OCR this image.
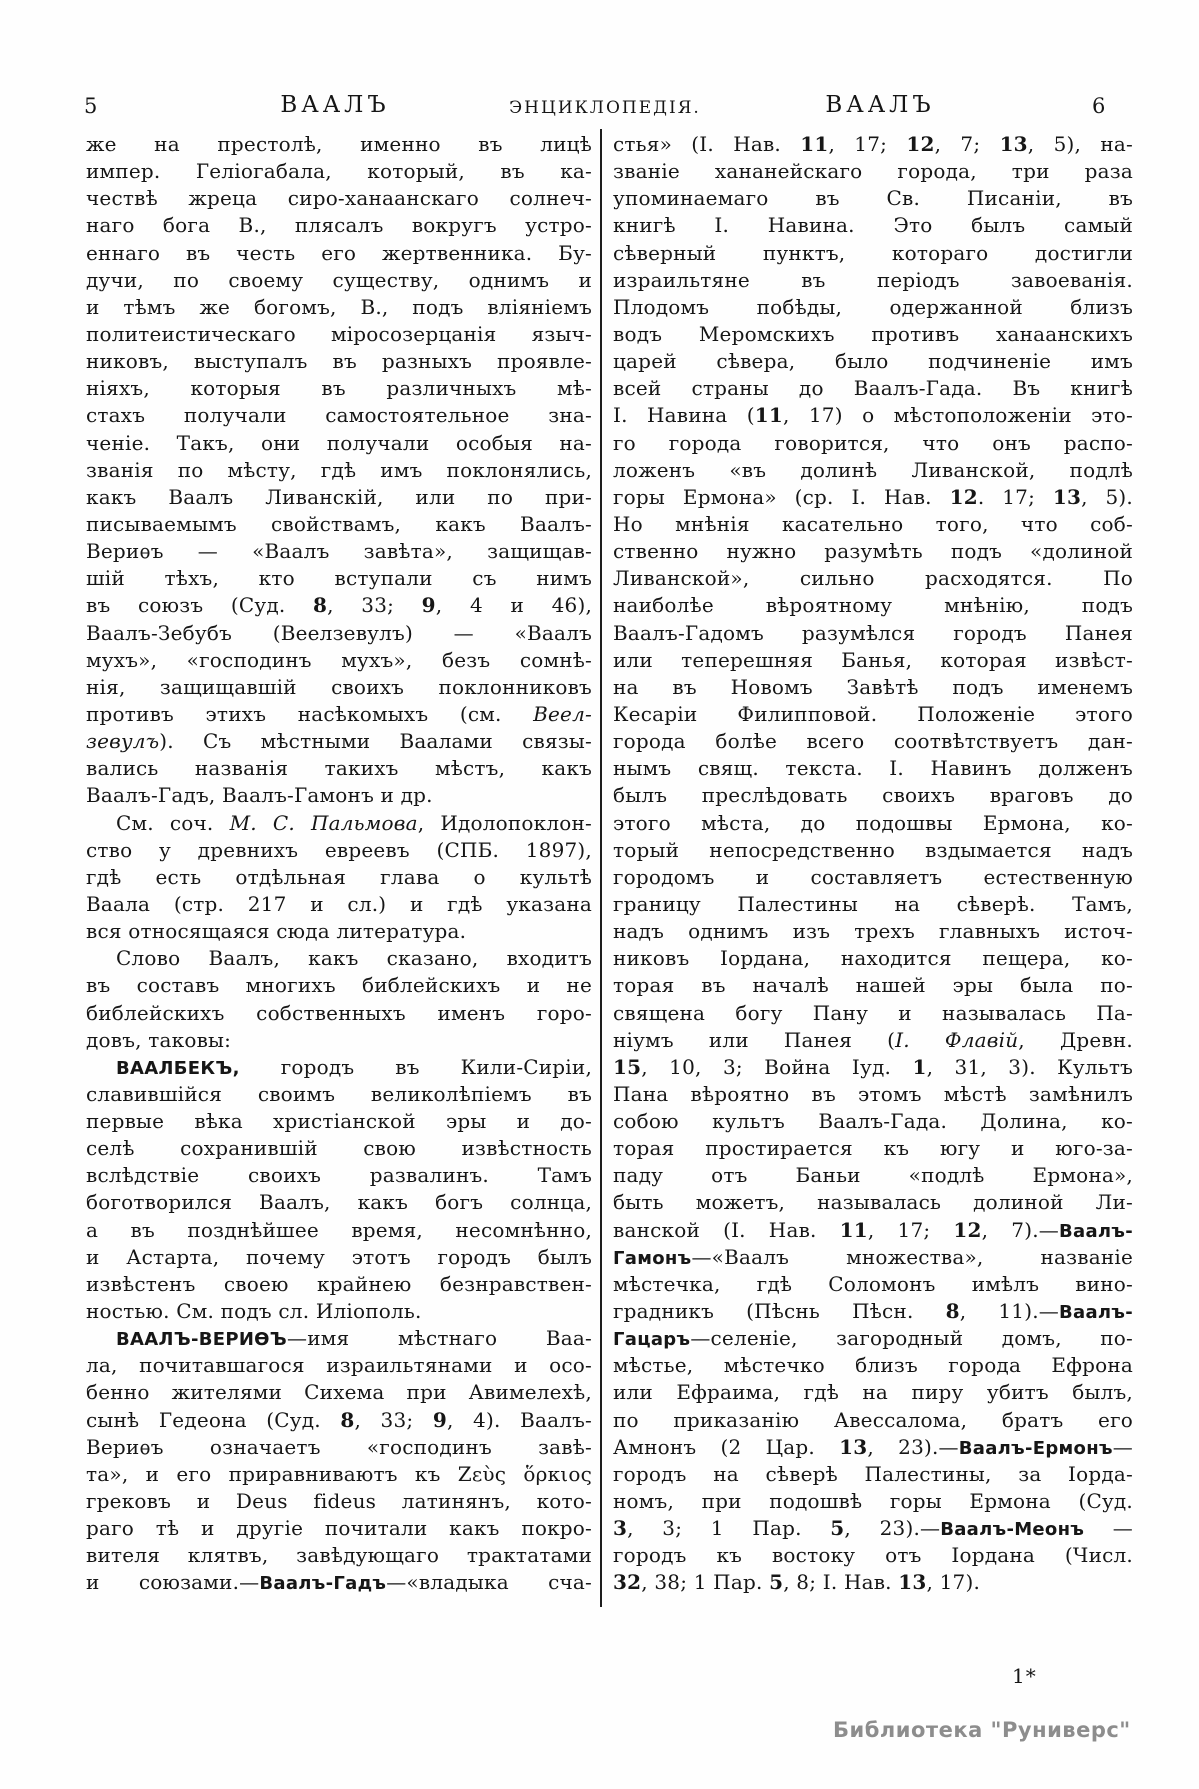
5	ВААЛЪ	ЭНЦИКЛОПЕДІЯ.	ВААЛЪ	6
же на престолѣ, именно въ лицѣ
импер. Геліогабала, который, въ ка-
чествѣ жреца сиро-ханаанскаго солнеч-
наго бога В., плясалъ вокругъ устро-
еннаго въ честь его жертвенника. Бу-
дучи, по своему существу, однимъ и
и тѣмъ же богомъ, В., подъ вліяніемъ
политеистическаго міросозерцанія языч-
никовъ, выступалъ въ разныхъ проявле-
ніяхъ, которыя въ различныхъ мѣ-
стахъ получали самостоятельное зна-
ченіе. Такъ, они получали особыя на-
званія по мѣсту, гдѣ имъ поклонялись,
какъ Ваалъ Ливанскій, или по при-
писываемымъ свойствамъ, какъ Ваалъ-
Вериѳъ — «Ваалъ завѣта», защищав-
шій тѣхъ, кто вступали съ нимъ
въ союзъ (Суд. 8, 33; 9, 4 и 46),
Ваалъ-Зебубъ (Веелзевулъ) — «Ваалъ
мухъ», «господинъ мухъ», безъ сомнѣ-
нія, защищавшій своихъ поклонниковъ
противъ этихъ насѣкомыхъ (см. Веел-
зевулъ). Съ мѣстными Ваалами связы-
вались названія такихъ мѣстъ, какъ
Ваалъ-Гадъ, Ваалъ-Гамонъ и др.
См. соч. М. С. Пальмова, Идолопоклон-
ство у древнихъ евреевъ (СПБ. 1897),
гдѣ есть отдѣльная глава о культѣ
Ваала (стр. 217 и сл.) и гдѣ указана
вся относящаяся сюда литература.
Слово Ваалъ, какъ сказано, входитъ
въ составъ многихъ библейскихъ и не
библейскихъ собственныхъ именъ горо-
довъ, таковы:
ВААЛБЕКЪ, городъ въ Кили-Сиріи,
славившійся своимъ великолѣпіемъ въ
первые вѣка христіанской эры и до-
селѣ сохранившій свою извѣстность
вслѣдствіе своихъ развалинъ. Тамъ
боготворился Ваалъ, какъ богъ солнца,
а въ позднѣйшее время, несомнѣнно,
и Астарта, почему этотъ городъ былъ
извѣстенъ своею крайнею безнравствен-
ностью. См. подъ сл. Иліополь.
ВААЛЪ-ВЕРИѲЪ—имя мѣстнаго Ваа-
ла, почитавшагося израильтянами и осо-
бенно жителями Сихема при Авимелехѣ,
сынѣ Гедеона (Суд. 8, 33; 9, 4). Ваалъ-
Вериѳъ означаетъ «господинъ завѣ-
та», и его приравниваютъ къ Ζεὺς ὅρκιος
грековъ и Deus fideus латинянъ, кото-
раго тѣ и другіе почитали какъ покро-
вителя клятвъ, завѣдующаго трактатами
и союзами.—Ваалъ-Гадъ—«владыка сча-
стья» (І. Нав. 11, 17; 12, 7; 13, 5), на-
званіе хананейскаго города, три раза
упоминаемаго въ Св. Писаніи, въ
книгѣ І. Навина. Это былъ самый
сѣверный пунктъ, котораго достигли
израильтяне въ періодъ завоеванія.
Плодомъ побѣды, одержанной близъ
водъ Меромскихъ противъ ханаанскихъ
царей сѣвера, было подчиненіе имъ
всей страны до Ваалъ-Гада. Въ книгѣ
І. Навина (11, 17) о мѣстоположеніи это-
го города говорится, что онъ распо-
ложенъ «въ долинѣ Ливанской, подлѣ
горы Ермона» (ср. І. Нав. 12. 17; 13, 5).
Но мнѣнія касательно того, что соб-
ственно нужно разумѣть подъ «долиной
Ливанской», сильно расходятся. По
наиболѣе вѣроятному мнѣнію, подъ
Ваалъ-Гадомъ разумѣлся городъ Панея
или теперешняя Банья, которая извѣст-
на въ Новомъ Завѣтѣ подъ именемъ
Кесаріи Филипповой. Положеніе этого
города болѣе всего соотвѣтствуетъ дан-
нымъ свящ. текста. І. Навинъ долженъ
былъ преслѣдовать своихъ враговъ до
этого мѣста, до подошвы Ермона, ко-
торый непосредственно вздымается надъ
городомъ и составляетъ естественную
границу Палестины на сѣверѣ. Тамъ,
надъ однимъ изъ трехъ главныхъ источ-
никовъ Іордана, находится пещера, ко-
торая въ началѣ нашей эры была по-
священа богу Пану и называлась Па-
ніумъ или Панея (І. Флавій, Древн.
15, 10, 3; Война Іуд. 1, 31, 3). Культъ
Пана вѣроятно въ этомъ мѣстѣ замѣнилъ
собою культъ Ваалъ-Гада. Долина, ко-
торая простирается къ югу и юго-за-
паду отъ Баньи «подлѣ Ермона»,
быть можетъ, называлась долиной Ли-
ванской (І. Нав. 11, 17; 12, 7).—Ваалъ-
Гамонъ—«Ваалъ множества», названіе
мѣстечка, гдѣ Соломонъ имѣлъ вино-
градникъ (Пѣснь Пѣсн. 8, 11).—Ваалъ-
Гацаръ—селеніе, загородный домъ, по-
мѣстье, мѣстечко близъ города Ефрона
или Ефраима, гдѣ на пиру убитъ былъ,
по приказанію Авессалома, братъ его
Амнонъ (2 Цар. 13, 23).—Ваалъ-Ермонъ—
городъ на сѣверѣ Палестины, за Іорда-
номъ, при подошвѣ горы Ермона (Суд.
3, 3; 1 Пар. 5, 23).—Ваалъ-Меонъ —
городъ къ востоку отъ Іордана (Числ.
32, 38; 1 Пар. 5, 8; І. Нав. 13, 17).
1*
Библиотека "Руниверс"
